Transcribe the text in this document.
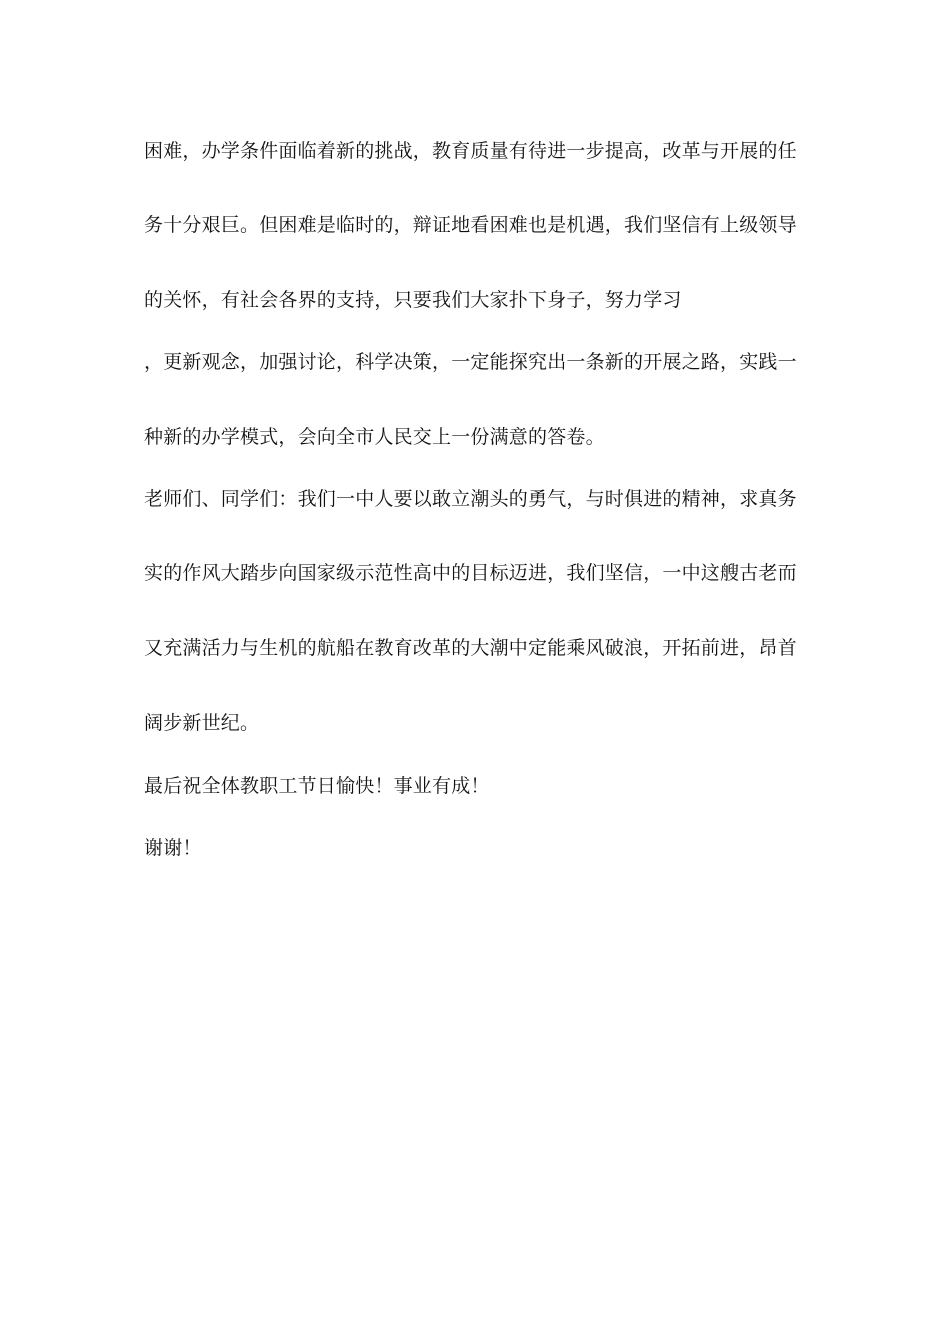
困难，办学条件面临着新的挑战，教育质量有待进一步提高，改革与开展的任
务十分艰巨。但困难是临时的，辩证地看困难也是机遇，我们坚信有上级领导
的关怀，有社会各界的支持，只要我们大家扑下身子，努力学习
，更新观念，加强讨论，科学决策，一定能探究出一条新的开展之路，实践一
种新的办学模式，会向全市人民交上一份满意的答卷。
老师们、同学们：我们一中人要以敢立潮头的勇气，与时俱进的精神，求真务
实的作风大踏步向国家级示范性高中的目标迈进，我们坚信，一中这艘古老而
又充满活力与生机的航船在教育改革的大潮中定能乘风破浪，开拓前进，昂首
阔步新世纪。
最后祝全体教职工节日愉快！事业有成！
谢谢！
